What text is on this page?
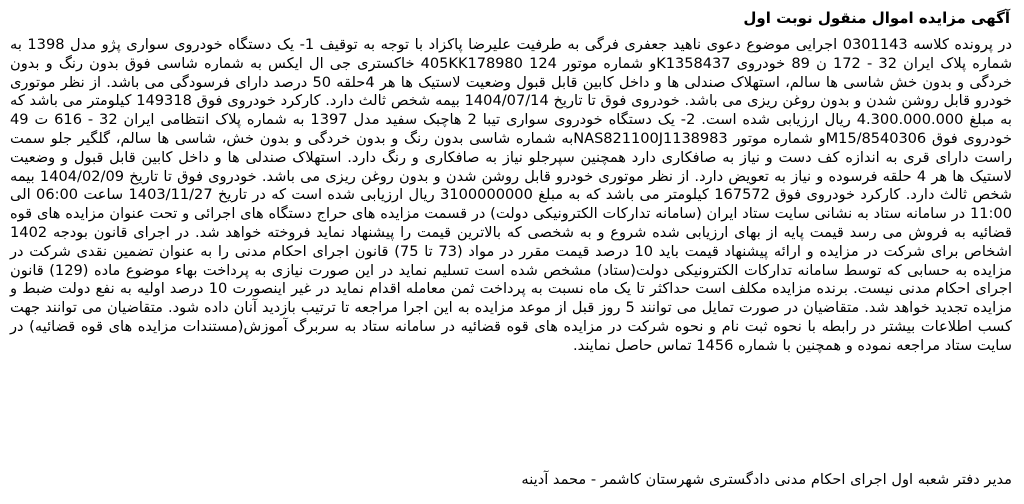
آگهی مزایده اموال منقول نوبت اول

در پرونده کلاسه 0301143 اجرایی موضوع دعوی ناهید جعفری فرگی به طرفیت علیرضا پاکزاد با توجه به توقیف 1- یک دستگاه خودروی سواری پژو مدل 1398 به شماره پلاک ایران 32 - 172 ن 89 خودروی K1358437و شماره موتور 124 405KK178980 خاکستری جی ال ایکس به شماره شاسی فوق بدون رنگ و بدون خردگی و بدون خش شاسی ها سالم، استهلاک صندلی ها و داخل کابین قابل قبول وضعیت لاستیک ها هر 4حلقه 50 درصد دارای فرسودگی می باشد. از نظر موتوری خودرو قابل روشن شدن و بدون روغن ریزی می باشد. خودروی فوق تا تاریخ 1404/07/14 بیمه شخص ثالث دارد. کارکرد خودروی فوق 149318 کیلومتر می باشد که به مبلغ 4.300.000.000 ریال ارزیابی شده است. 2- یک دستگاه خودروی سواری تیبا 2 هاچبک سفید مدل 1397 به شماره پلاک انتظامی ایران 32 - 616 ت 49 خودروی فوق M15/8540306و شماره موتور NAS821100J1138983به شماره شاسی بدون رنگ و بدون خردگی و بدون خش، شاسی ها سالم، گلگیر جلو سمت راست دارای قری به اندازه کف دست و نیاز به صافکاری دارد همچنین سپرجلو نیاز به صافکاری و رنگ دارد. استهلاک صندلی ها و داخل کابین قابل قبول و وضعیت لاستیک ها هر 4 حلقه فرسوده و نیاز به تعویض دارد. از نظر موتوری خودرو قابل روشن شدن و بدون روغن ریزی می باشد. خودروی فوق تا تاریخ 1404/02/09 بیمه شخص ثالث دارد. کارکرد خودروی فوق 167572 کیلومتر می باشد که به مبلغ 3100000000 ریال ارزیابی شده است که در تاریخ 1403/11/27 ساعت 06:00 الی 11:00 در سامانه ستاد به نشانی سایت ستاد ایران (سامانه تدارکات الکترونیکی دولت) در قسمت مزایده های حراج دستگاه های اجرائی و تحت عنوان مزایده های قوه قضائیه به فروش می رسد قیمت پایه از بهای ارزیابی شده شروع و به شخصی که بالاترین قیمت را پیشنهاد نماید فروخته خواهد شد. در اجرای قانون بودجه 1402 اشخاص برای شرکت در مزایده و ارائه پیشنهاد قیمت باید 10 درصد قیمت مقرر در مواد (73 تا 75) قانون اجرای احکام مدنی را به عنوان تضمین نقدی شرکت در مزایده به حسابی که توسط سامانه تدارکات الکترونیکی دولت(ستاد) مشخص شده است تسلیم نماید در این صورت نیازی به پرداخت بهاء موضوع ماده (129) قانون اجرای احکام مدنی نیست. برنده مزایده مکلف است حداکثر تا یک ماه نسبت به پرداخت ثمن معامله اقدام نماید در غیر اینصورت 10 درصد اولیه به نفع دولت ضبط و مزایده تجدید خواهد شد. متقاضیان در صورت تمایل می توانند 5 روز قبل از موعد مزایده به این اجرا مراجعه تا ترتیب بازدید آنان داده شود. متقاضیان می توانند جهت کسب اطلاعات بیشتر در رابطه با نحوه ثبت نام و نحوه شرکت در مزایده های قوه قضائیه در سامانه ستاد به سربرگ آموزش(مستندات مزایده های قوه قضائیه) در سایت ستاد مراجعه نموده و همچنین با شماره 1456 تماس حاصل نمایند.

مدیر دفتر شعبه اول اجرای احکام مدنی دادگستری شهرستان کاشمر - محمد آدینه
